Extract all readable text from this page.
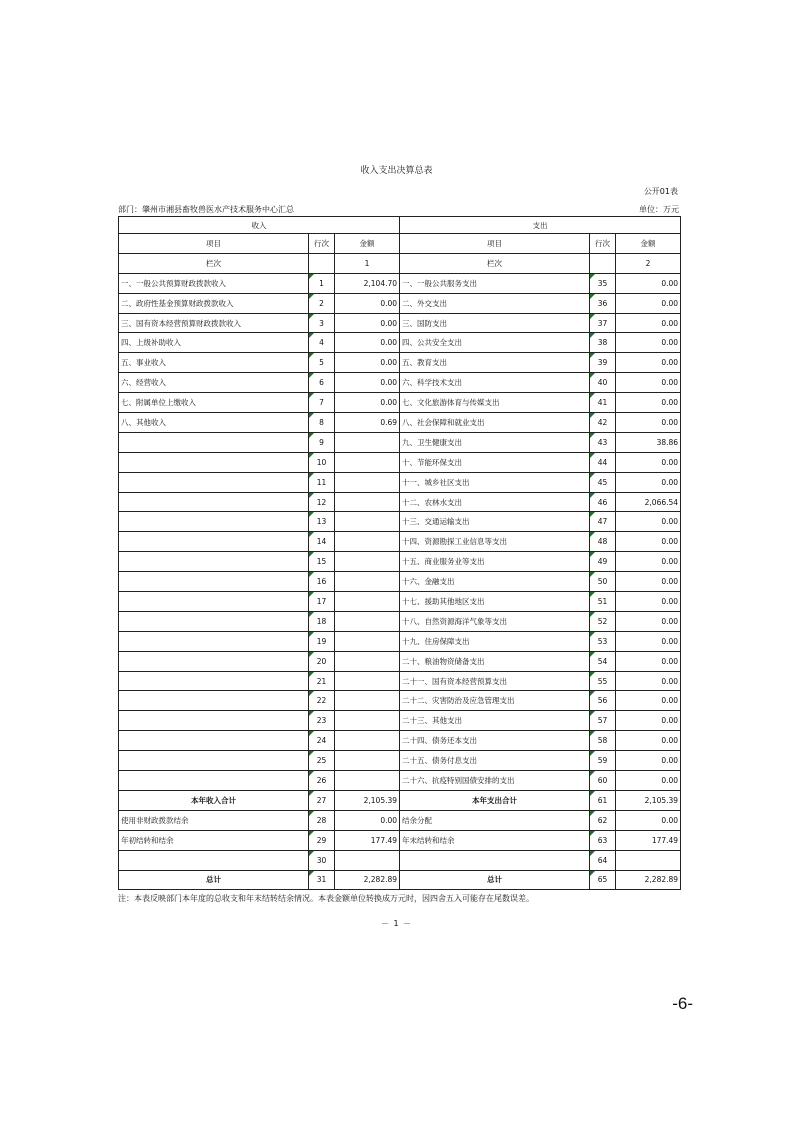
收入支出决算总表
公开01表
部门：肇州市湘县畜牧兽医水产技术服务中心汇总	单位：万元
收入			支出		
项目	行次	金额	项目	行次	金额
栏次		1	栏次		2
一、一般公共预算财政拨款收入	1	2,104.70	一、一般公共服务支出	35	0.00
二、政府性基金预算财政拨款收入	2	0.00	二、外交支出	36	0.00
三、国有资本经营预算财政拨款收入	3	0.00	三、国防支出	37	0.00
四、上级补助收入	4	0.00	四、公共安全支出	38	0.00
五、事业收入	5	0.00	五、教育支出	39	0.00
六、经营收入	6	0.00	六、科学技术支出	40	0.00
七、附属单位上缴收入	7	0.00	七、文化旅游体育与传媒支出	41	0.00
八、其他收入	8	0.69	八、社会保障和就业支出	42	0.00
	9		九、卫生健康支出	43	38.86
	10		十、节能环保支出	44	0.00
	11		十一、城乡社区支出	45	0.00
	12		十二、农林水支出	46	2,066.54
	13		十三、交通运输支出	47	0.00
	14		十四、资源勘探工业信息等支出	48	0.00
	15		十五、商业服务业等支出	49	0.00
	16		十六、金融支出	50	0.00
	17		十七、援助其他地区支出	51	0.00
	18		十八、自然资源海洋气象等支出	52	0.00
	19		十九、住房保障支出	53	0.00
	20		二十、粮油物资储备支出	54	0.00
	21		二十一、国有资本经营预算支出	55	0.00
	22		二十二、灾害防治及应急管理支出	56	0.00
	23		二十三、其他支出	57	0.00
	24		二十四、债务还本支出	58	0.00
	25		二十五、债务付息支出	59	0.00
	26		二十六、抗疫特别国债安排的支出	60	0.00
本年收入合计	27	2,105.39	本年支出合计	61	2,105.39
使用非财政拨款结余	28	0.00	结余分配	62	0.00
年初结转和结余	29	177.49	年末结转和结余	63	177.49
	30			64	
总计	31	2,282.89	总计	65	2,282.89
注：本表反映部门本年度的总收支和年末结转结余情况。本表金额单位转换成万元时，因四舍五入可能存在尾数误差。
－ 1 －
-6-
